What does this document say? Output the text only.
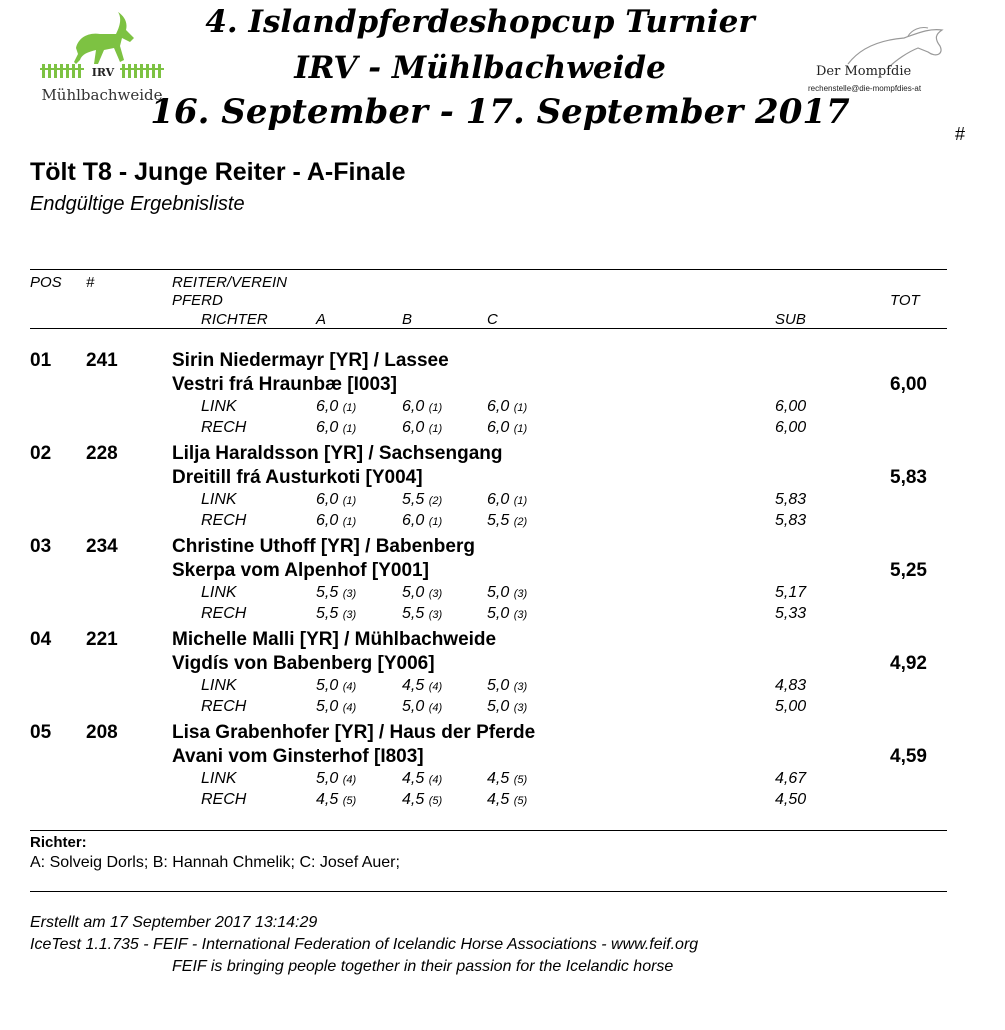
IRV
Mühlbachweide
4. Islandpferdeshopcup Turnier
IRV - Mühlbachweide
16. September - 17. September 2017
Der Mompfdie
rechenstelle@die-mompfdies-at
#
Tölt T8 - Junge Reiter - A-Finale
Endgültige Ergebnisliste
POS #	REITER/VEREIN
PFERD	TOT
RICHTER	A	B	C	SUB
01 241	Sirin Niedermayr [YR] / Lassee
Vestri frá Hraunbæ [I003]	6,00
LINK	6,0 (1)	6,0 (1)	6,0 (1)	6,00
RECH	6,0 (1)	6,0 (1)	6,0 (1)	6,00
02 228	Lilja Haraldsson [YR] / Sachsengang
Dreitill frá Austurkoti [Y004]	5,83
LINK	6,0 (1)	5,5 (2)	6,0 (1)	5,83
RECH	6,0 (1)	6,0 (1)	5,5 (2)	5,83
03 234	Christine Uthoff [YR] / Babenberg
Skerpa vom Alpenhof [Y001]	5,25
LINK	5,5 (3)	5,0 (3)	5,0 (3)	5,17
RECH	5,5 (3)	5,5 (3)	5,0 (3)	5,33
04 221	Michelle Malli [YR] / Mühlbachweide
Vigdís von Babenberg [Y006]	4,92
LINK	5,0 (4)	4,5 (4)	5,0 (3)	4,83
RECH	5,0 (4)	5,0 (4)	5,0 (3)	5,00
05 208	Lisa Grabenhofer [YR] / Haus der Pferde
Avani vom Ginsterhof [I803]	4,59
LINK	5,0 (4)	4,5 (4)	4,5 (5)	4,67
RECH	4,5 (5)	4,5 (5)	4,5 (5)	4,50
Richter:
A: Solveig Dorls; B: Hannah Chmelik; C: Josef Auer;
Erstellt am 17 September 2017 13:14:29
IceTest 1.1.735 - FEIF - International Federation of Icelandic Horse Associations - www.feif.org
FEIF is bringing people together in their passion for the Icelandic horse
